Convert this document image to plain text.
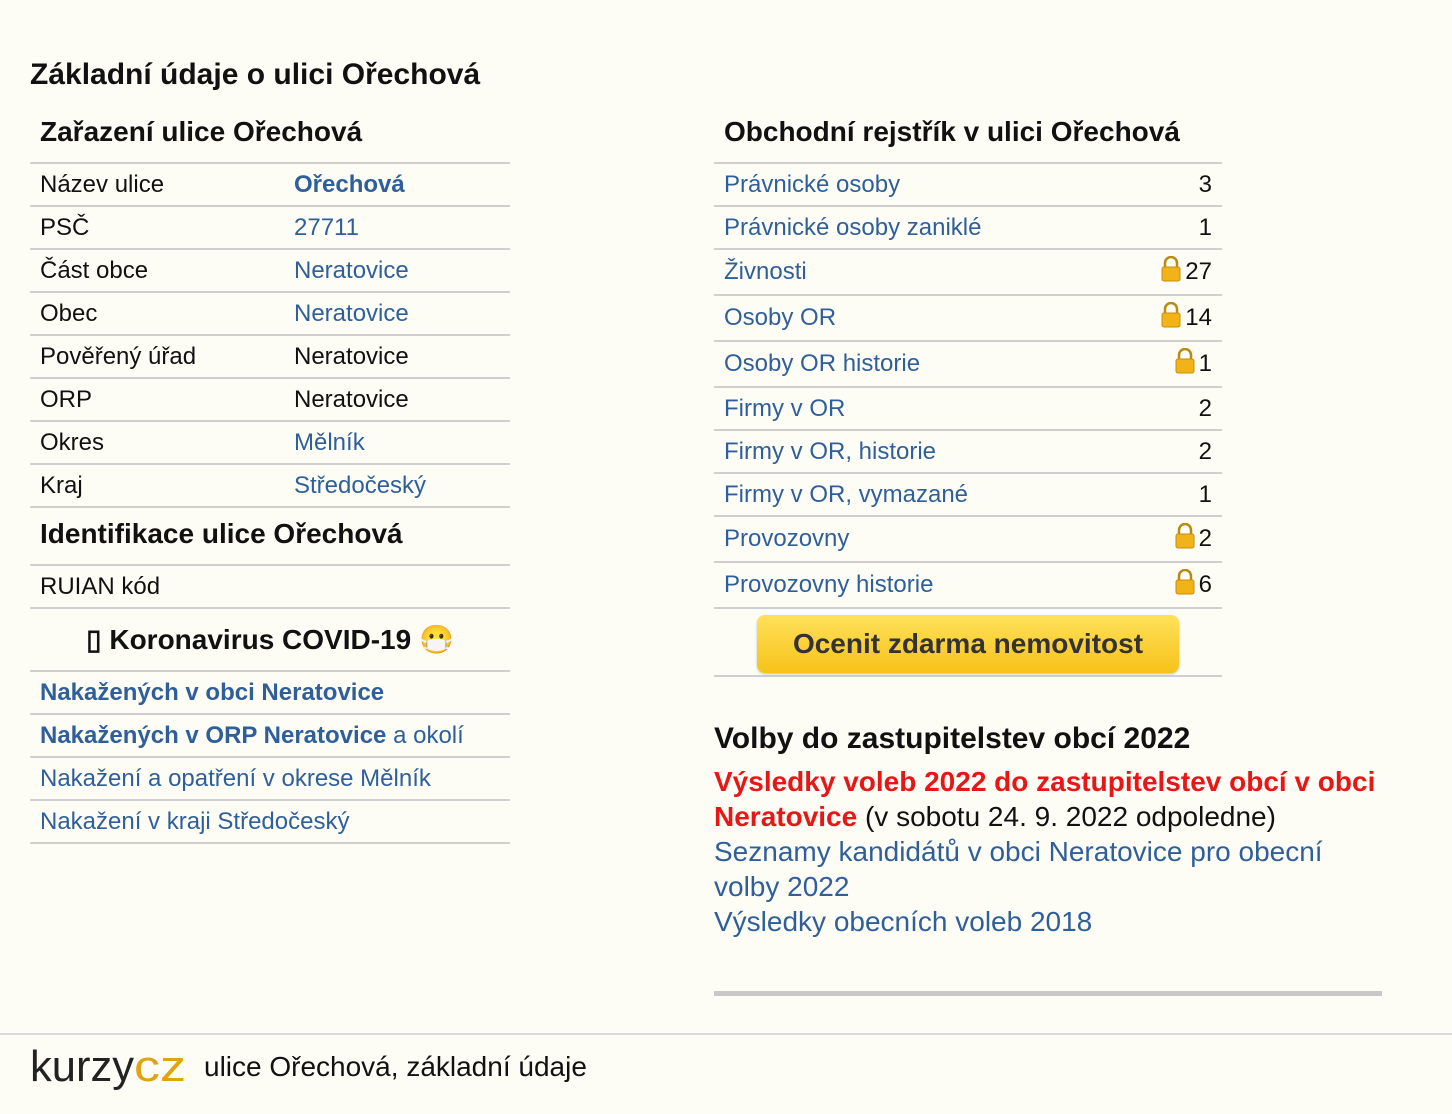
Základní údaje o ulici Ořechová
Zařazení ulice Ořechová
Název ulice	Ořechová
PSČ	27711
Část obce	Neratovice
Obec	Neratovice
Pověřený úřad	Neratovice
ORP	Neratovice
Okres	Mělník
Kraj	Středočeský
Identifikace ulice Ořechová
RUIAN kód
▯ Koronavirus COVID-19 😷
Nakažených v obci Neratovice
Nakažených v ORP Neratovice a okolí
Nakažení a opatření v okrese Mělník
Nakažení v kraji Středočeský
Obchodní rejstřík v ulici Ořechová
Právnické osoby	3
Právnické osoby zaniklé	1
Živnosti	27
Osoby OR	14
Osoby OR historie	1
Firmy v OR	2
Firmy v OR, historie	2
Firmy v OR, vymazané	1
Provozovny	2
Provozovny historie	6
Ocenit zdarma nemovitost
Volby do zastupitelstev obcí 2022

Výsledky voleb 2022 do zastupitelstev obcí v obci Neratovice (v sobotu 24. 9. 2022 odpoledne)

Seznamy kandidátů v obci Neratovice pro obecní volby 2022

Výsledky obecních voleb 2018

kurzy cz ulice Ořechová, základní údaje
